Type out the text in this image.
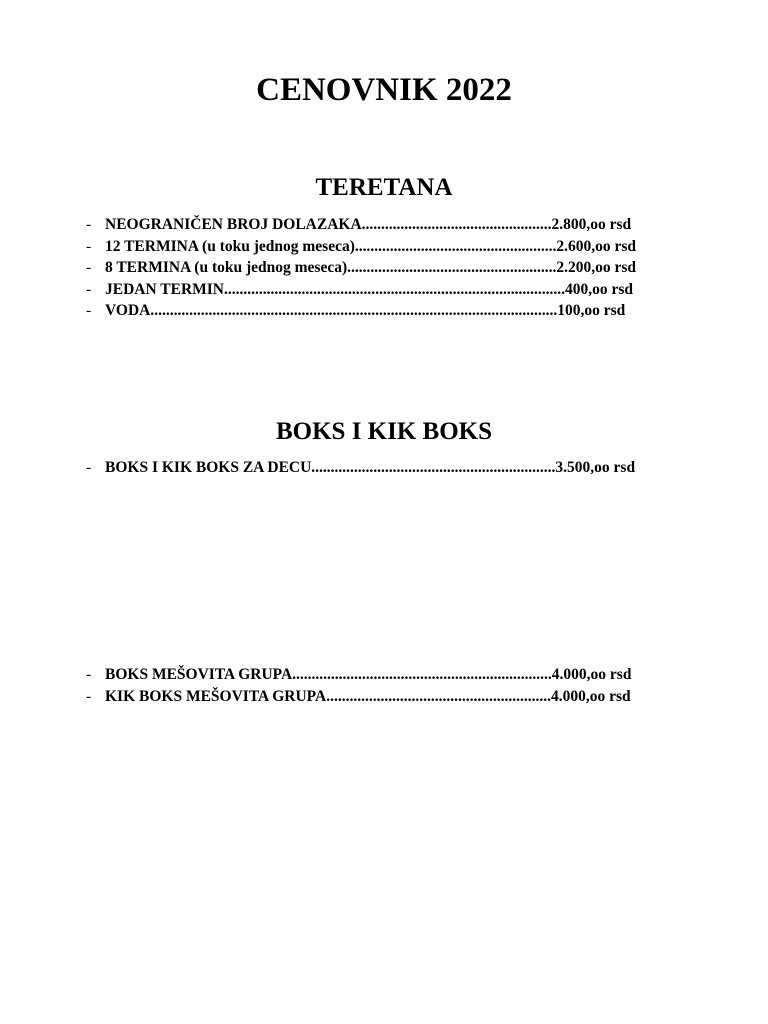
CENOVNIK 2022
TERETANA
- NEOGRANIČEN BROJ DOLAZAKA.................................................2.800,oo rsd
- 12 TERMINA (u toku jednog meseca)....................................................2.600,oo rsd
- 8 TERMINA (u toku jednog meseca)......................................................2.200,oo rsd
- JEDAN TERMIN........................................................................................400,oo rsd
- VODA.........................................................................................................100,oo rsd
BOKS I KIK BOKS
- BOKS I KIK BOKS ZA DECU...............................................................3.500,oo rsd
- BOKS MEŠOVITA GRUPA...................................................................4.000,oo rsd
- KIK BOKS MEŠOVITA GRUPA..........................................................4.000,oo rsd
